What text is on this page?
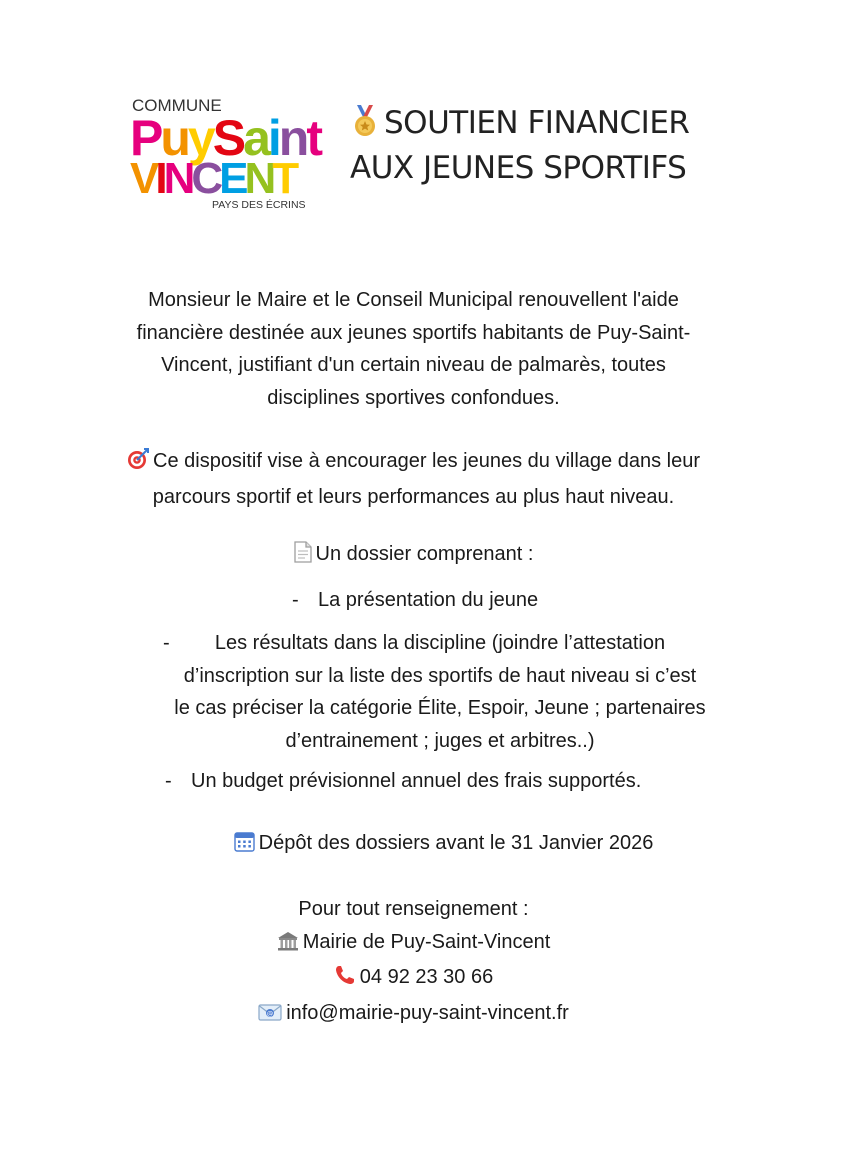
COMMUNE
PuySaint
VINCENT
PAYS DES ÉCRINS
SOUTIEN FINANCIER
AUX JEUNES SPORTIFS

Monsieur le Maire et le Conseil Municipal renouvellent l'aide

financière destinée aux jeunes sportifs habitants de Puy-Saint-

Vincent, justifiant d'un certain niveau de palmarès, toutes

disciplines sportives confondues.

Ce dispositif vise à encourager les jeunes du village dans leur

parcours sportif et leurs performances au plus haut niveau.

Un dossier comprenant :

- La présentation du jeune
-	Les résultats dans la discipline (joindre l’attestation

d’inscription sur la liste des sportifs de haut niveau si c’est

le cas préciser la catégorie Élite, Espoir, Jeune ; partenaires

d’entrainement ; juges et arbitres..)

- Un budget prévisionnel annuel des frais supportés.

Dépôt des dossiers avant le 31 Janvier 2026

Pour tout renseignement :

Mairie de Puy-Saint-Vincent

04 92 23 30 66

@ info@mairie-puy-saint-vincent.fr
